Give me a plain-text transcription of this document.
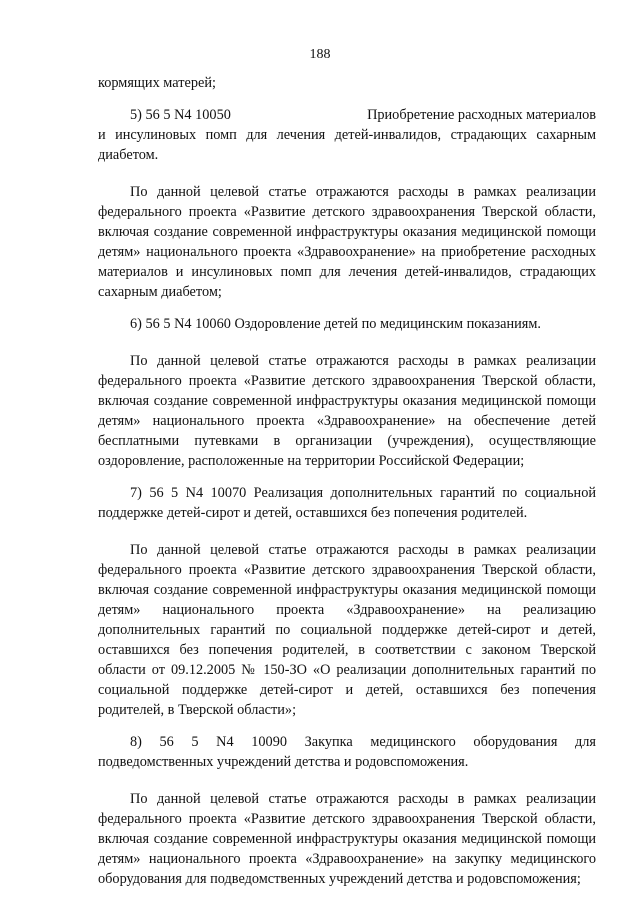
188

кормящих матерей;

5) 56 5 N4 10050	Приобретение расходных материалов

и инсулиновых помп для лечения детей-инвалидов, страдающих сахарным диабетом.

По данной целевой статье отражаются расходы в рамках реализации федерального проекта «Развитие детского здравоохранения Тверской области, включая создание современной инфраструктуры оказания медицинской помощи детям» национального проекта «Здравоохранение» на приобретение расходных материалов и инсулиновых помп для лечения детей-инвалидов, страдающих сахарным диабетом;

6) 56 5 N4 10060 Оздоровление детей по медицинским показаниям.

По данной целевой статье отражаются расходы в рамках реализации федерального проекта «Развитие детского здравоохранения Тверской области, включая создание современной инфраструктуры оказания медицинской помощи детям» национального проекта «Здравоохранение» на обеспечение детей бесплатными путевками в организации (учреждения), осуществляющие оздоровление, расположенные на территории Российской Федерации;

7) 56 5 N4 10070 Реализация дополнительных гарантий по социальной поддержке детей-сирот и детей, оставшихся без попечения родителей.

По данной целевой статье отражаются расходы в рамках реализации федерального проекта «Развитие детского здравоохранения Тверской области, включая создание современной инфраструктуры оказания медицинской помощи детям» национального проекта «Здравоохранение» на реализацию дополнительных гарантий по социальной поддержке детей-сирот и детей, оставшихся без попечения родителей, в соответствии с законом Тверской области от 09.12.2005 № 150-ЗО «О реализации дополнительных гарантий по социальной поддержке детей-сирот и детей, оставшихся без попечения родителей, в Тверской области»;

8) 56 5 N4 10090 Закупка медицинского оборудования для подведомственных учреждений детства и родовспоможения.

По данной целевой статье отражаются расходы в рамках реализации федерального проекта «Развитие детского здравоохранения Тверской области, включая создание современной инфраструктуры оказания медицинской помощи детям» национального проекта «Здравоохранение» на закупку медицинского оборудования для подведомственных учреждений детства и родовспоможения;
